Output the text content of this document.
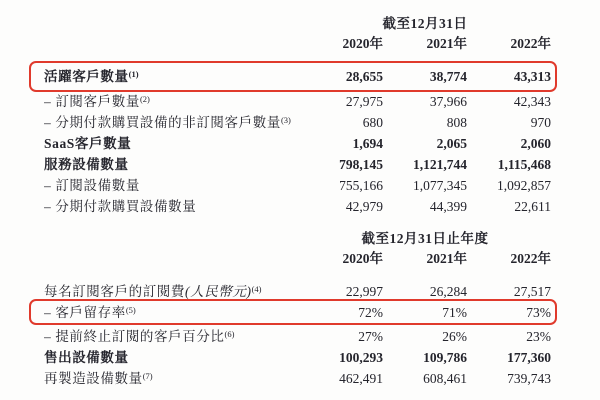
截至12月31日
2020年	2021年	2022年
活躍客戶數量$^{(1)}$	28,655	38,774	43,313
– 訂閱客戶數量$^{(2)}$	27,975	37,966	42,343
– 分期付款購買設備的非訂閱客戶數量$^{(3)}$	680	808	970
SaaS客戶數量	1,694	2,065	2,060
服務設備數量	798,145	1,121,744	1,115,468
– 訂閱設備數量	755,166	1,077,345	1,092,857
– 分期付款購買設備數量	42,979	44,399	22,611
截至12月31日止年度
2020年	2021年	2022年
每名訂閱客戶的訂閱費(人民幣元)$^{(4)}$	22,997	26,284	27,517
– 客戶留存率$^{(5)}$	72%	71%	73%
– 提前終止訂閱的客戶百分比$^{(6)}$	27%	26%	23%
售出設備數量	100,293	109,786	177,360
再製造設備數量$^{(7)}$	462,491	608,461	739,743
